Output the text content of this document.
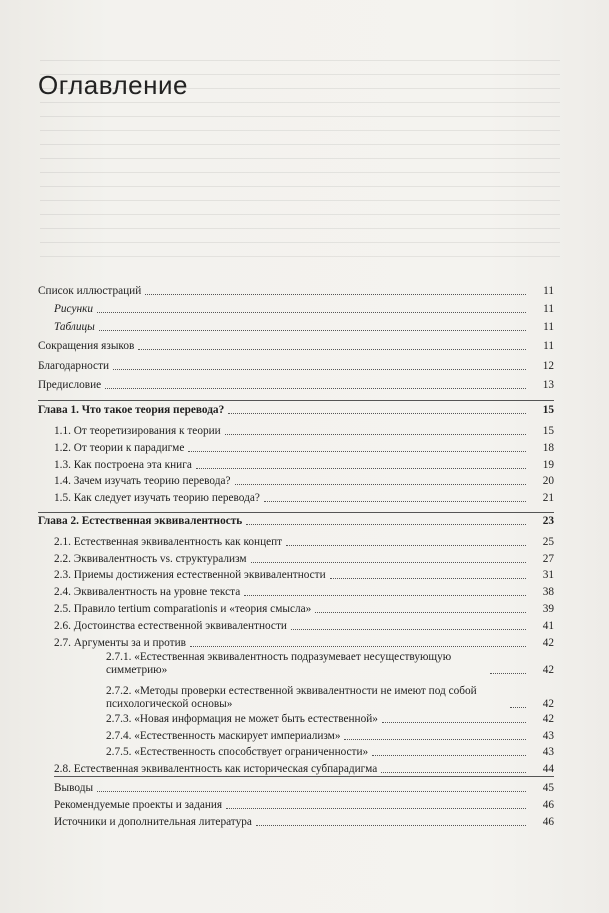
Оглавление
Список иллюстраций	11
Рисунки	11
Таблицы	11
Сокращения языков	11
Благодарности	12
Предисловие	13
Глава 1. Что такое теория перевода?	15
1.1. От теоретизирования к теории	15
1.2. От теории к парадигме	18
1.3. Как построена эта книга	19
1.4. Зачем изучать теорию перевода?	20
1.5. Как следует изучать теорию перевода?	21
Глава 2. Естественная эквивалентность	23
2.1. Естественная эквивалентность как концепт	25
2.2. Эквивалентность vs. структурализм	27
2.3. Приемы достижения естественной эквивалентности	31
2.4. Эквивалентность на уровне текста	38
2.5. Правило tertium comparationis и «теория смысла»	39
2.6. Достоинства естественной эквивалентности	41
2.7. Аргументы за и против	42
2.7.1. «Естественная эквивалентность подразумевает несуществующую симметрию»	42
2.7.2. «Методы проверки естественной эквивалентности не имеют под собой психологической основы»	42
2.7.3. «Новая информация не может быть естественной»	42
2.7.4. «Естественность маскирует империализм»	43
2.7.5. «Естественность способствует ограниченности»	43
2.8. Естественная эквивалентность как историческая субпарадигма	44
Выводы	45
Рекомендуемые проекты и задания	46
Источники и дополнительная литература	46
